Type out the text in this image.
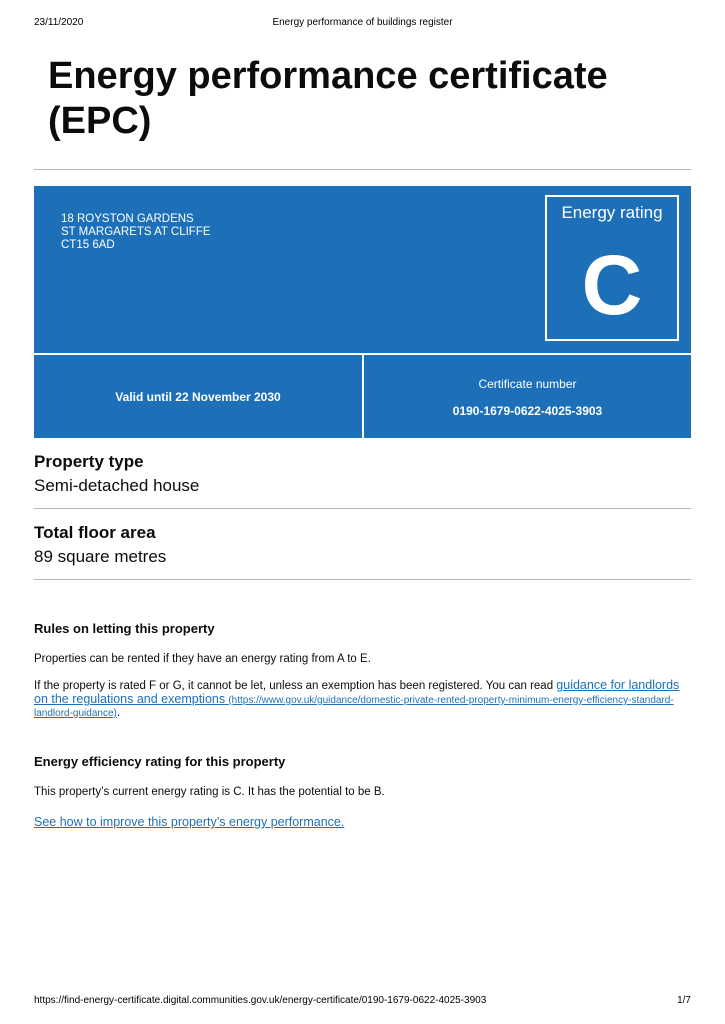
23/11/2020	Energy performance of buildings register
Energy performance certificate (EPC)
18 ROYSTON GARDENS
ST MARGARETS AT CLIFFE
CT15 6AD
Energy rating
C
Valid until 22 November 2030
Certificate number
0190-1679-0622-4025-3903
Property type
Semi-detached house
Total floor area
89 square metres
Rules on letting this property
Properties can be rented if they have an energy rating from A to E.
If the property is rated F or G, it cannot be let, unless an exemption has been registered. You can read guidance for landlords on the regulations and exemptions (https://www.gov.uk/guidance/domestic-private-rented-property-minimum-energy-efficiency-standard-landlord-guidance).
Energy efficiency rating for this property
This property’s current energy rating is C. It has the potential to be B.
See how to improve this property’s energy performance.
https://find-energy-certificate.digital.communities.gov.uk/energy-certificate/0190-1679-0622-4025-3903	1/7
